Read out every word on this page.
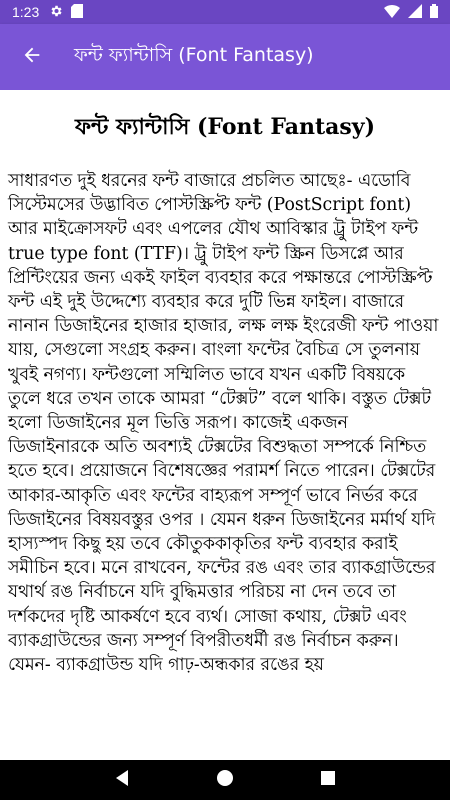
1:23
ফন্ট ফ্যান্টাসি (Font Fantasy)
ফন্ট ফ্যান্টাসি (Font Fantasy)

সাধারণত দুই ধরনের ফন্ট বাজারে প্রচলিত আছেঃ- এডোবি সিস্টেমসের উদ্ভাবিত পোস্টস্ক্রিপ্ট ফন্ট (PostScript font) আর মাইক্রোসফট এবং এপলের যৌথ আবিস্কার ট্রু টাইপ ফন্ট true type font (TTF)। ট্রু টাইপ ফন্ট স্ক্রিন ডিসপ্লে আর প্রিন্টিংয়ের জন্য একই ফাইল ব্যবহার করে পক্ষান্তরে পোস্টস্ক্রিপ্ট ফন্ট এই দুই উদ্দেশ্যে ব্যবহার করে দুটি ভিন্ন ফাইল। বাজারে নানান ডিজাইনের হাজার হাজার, লক্ষ লক্ষ ইংরেজী ফন্ট পাওয়া যায়, সেগুলো সংগ্রহ করুন। বাংলা ফন্টের বৈচিত্র সে তুলনায় খুবই নগণ্য। ফন্টগুলো সম্মিলিত ভাবে যখন একটি বিষয়কে তুলে ধরে তখন তাকে আমরা “টেক্সট” বলে থাকি। বস্তুত টেক্সট হলো ডিজাইনের মূল ভিত্তি সরূপ। কাজেই একজন ডিজাইনারকে অতি অবশ্যই টেক্সটের বিশুদ্ধতা সম্পর্কে নিশ্চিত হতে হবে। প্রয়োজনে বিশেষজ্ঞের পরামর্শ নিতে পারেন। টেক্সটের আকার-আকৃতি এবং ফন্টের বাহ্যরূপ সম্পূর্ণ ভাবে নির্ভর করে ডিজাইনের বিষয়বস্তুর ওপর । যেমন ধরুন ডিজাইনের মর্মার্থ যদি হাস্যস্পদ কিছু হয় তবে কৌতুককাকৃতির ফন্ট ব্যবহার করাই সমীচিন হবে। মনে রাখবেন, ফন্টের রঙ এবং তার ব্যাকগ্রাউন্ডের যথার্থ রঙ নির্বাচনে যদি বুদ্ধিমত্তার পরিচয় না দেন তবে তা দর্শকদের দৃষ্টি আকর্ষণে হবে ব্যর্থ। সোজা কথায়, টেক্সট এবং ব্যাকগ্রাউন্ডের জন্য সম্পূর্ণ বিপরীতধর্মী রঙ নির্বাচন করুন। যেমন- ব্যাকগ্রাউন্ড যদি গাঢ়-অন্ধকার রঙের হয়
